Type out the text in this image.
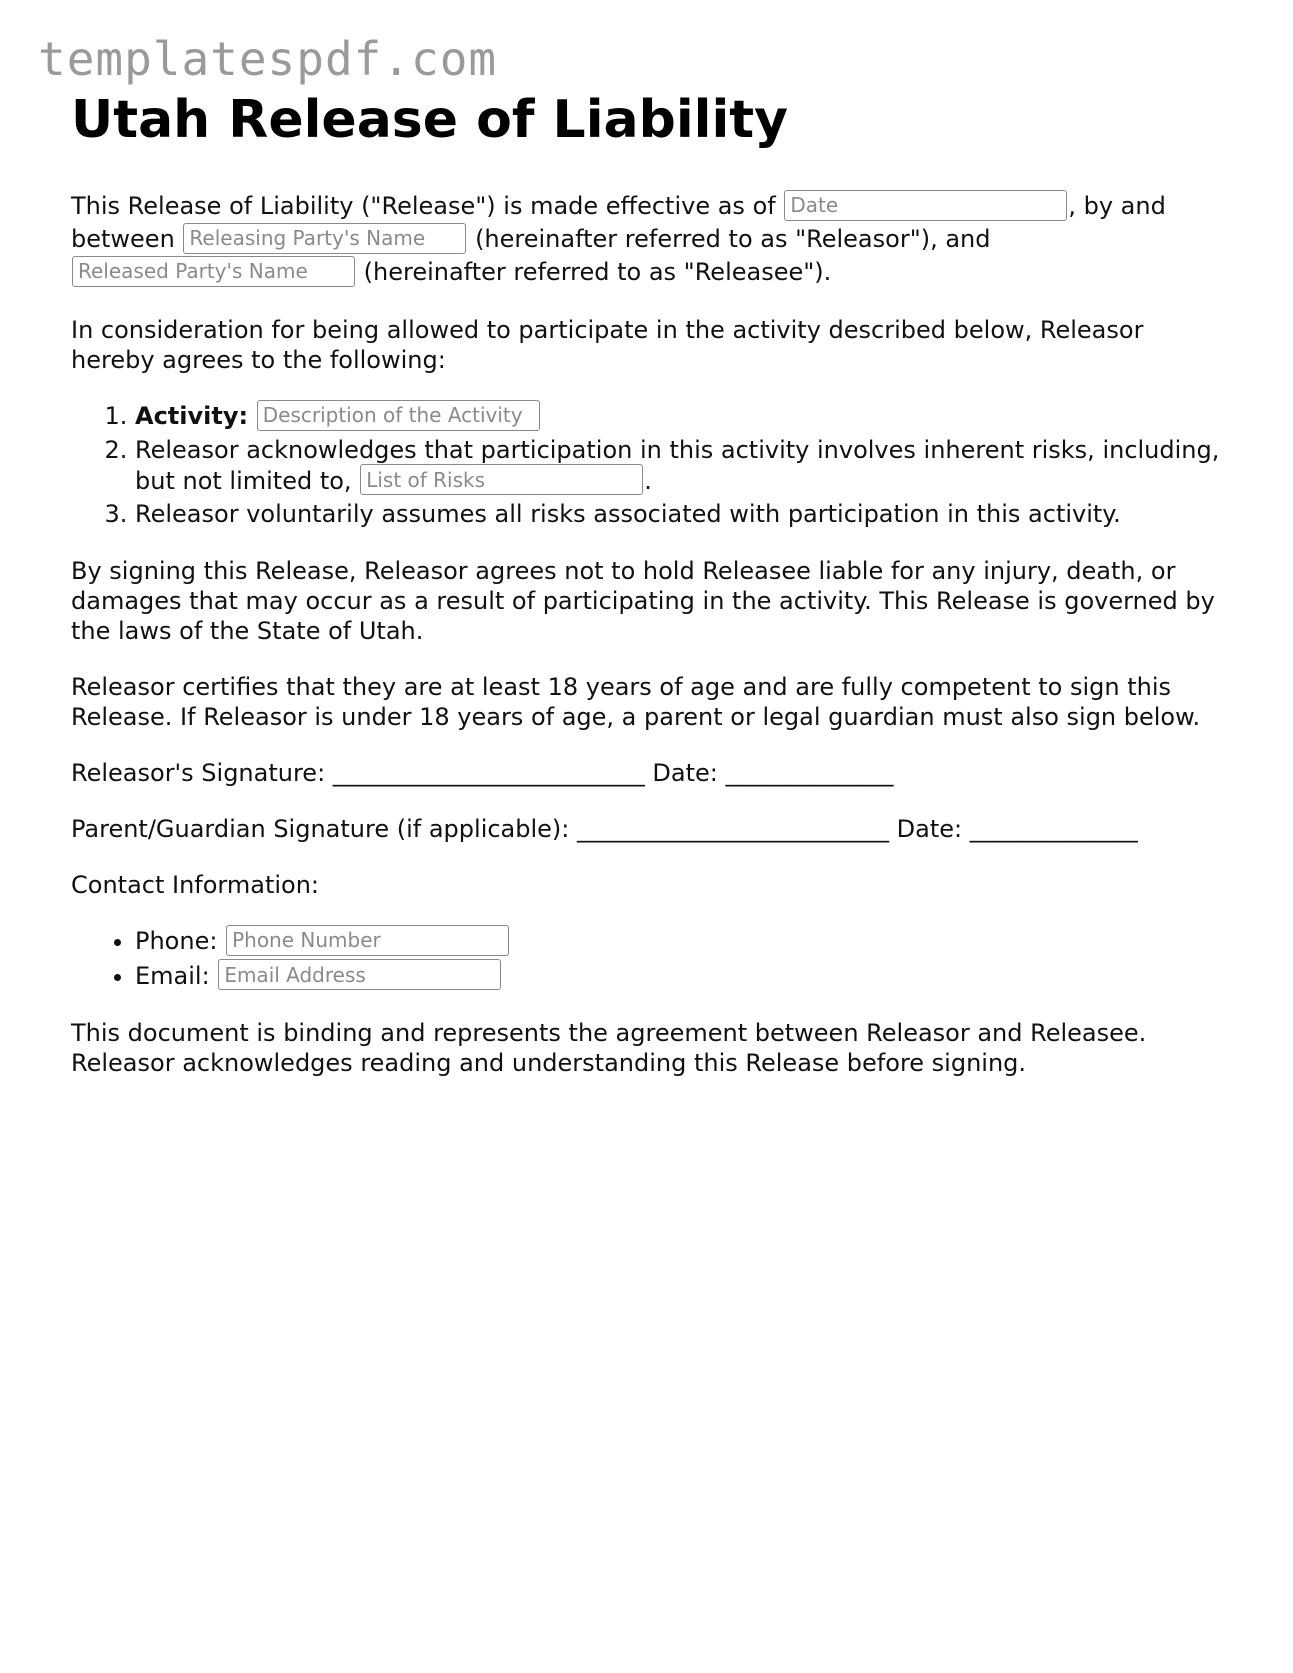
templatespdf.com
Utah Release of Liability

This Release of Liability ("Release") is made effective as of Date	, by and between Releasing Party's Name	(hereinafter referred to as "Releasor"), and Released Party's Name (hereinafter referred to as "Releasee").

In consideration for being allowed to participate in the activity described below, Releasor hereby agrees to the following:

1. Activity: Description of the Activity
2. Releasor acknowledges that participation in this activity involves inherent risks, including, but not limited to, List of Risks	.
3. Releasor voluntarily assumes all risks associated with participation in this activity.

By signing this Release, Releasor agrees not to hold Releasee liable for any injury, death, or damages that may occur as a result of participating in the activity. This Release is governed by the laws of the State of Utah.

Releasor certifies that they are at least 18 years of age and are fully competent to sign this Release. If Releasor is under 18 years of age, a parent or legal guardian must also sign below.

Releasor's Signature: __________________________ Date: ______________
Parent/Guardian Signature (if applicable): __________________________ Date: ______________

Contact Information:

• Phone: Phone Number
• Email: Email Address

This document is binding and represents the agreement between Releasor and Releasee. Releasor acknowledges reading and understanding this Release before signing.
